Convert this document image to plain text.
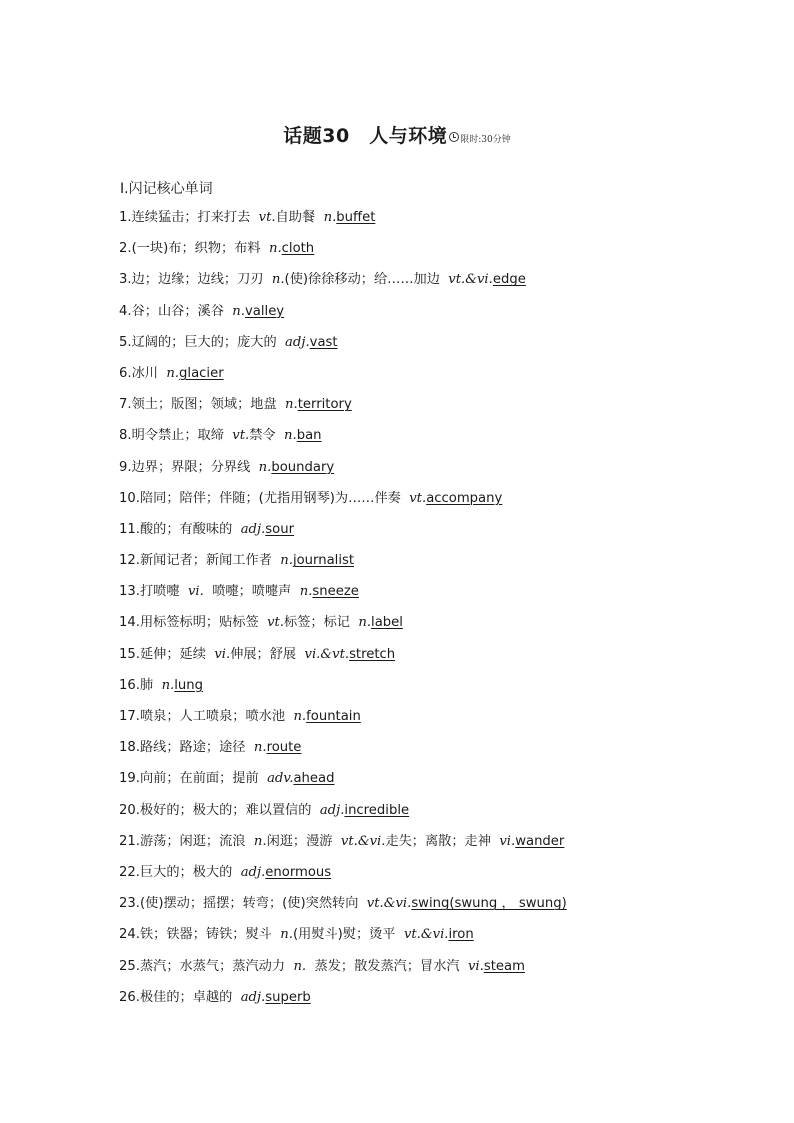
话题30　人与环境 限时:30分钟
Ⅰ.闪记核心单词
1.连续猛击；打来打去  vt.自助餐  n.buffet
2.(一块)布；织物；布料  n.cloth
3.边；边缘；边线；刀刃  n.(使)徐徐移动；给……加边  vt.&vi.edge
4.谷；山谷；溪谷  n.valley
5.辽阔的；巨大的；庞大的  adj.vast
6.冰川  n.glacier
7.领土；版图；领域；地盘  n.territory
8.明令禁止；取缔  vt.禁令  n.ban
9.边界；界限；分界线  n.boundary
10.陪同；陪伴；伴随；(尤指用钢琴)为……伴奏  vt.accompany
11.酸的；有酸味的  adj.sour
12.新闻记者；新闻工作者  n.journalist
13.打喷嚏  vi.  喷嚏；喷嚏声  n.sneeze
14.用标签标明；贴标签  vt.标签；标记  n.label
15.延伸；延续  vi.伸展；舒展  vi.&vt.stretch
16.肺  n.lung
17.喷泉；人工喷泉；喷水池  n.fountain
18.路线；路途；途径  n.route
19.向前；在前面；提前  adv.ahead
20.极好的；极大的；难以置信的  adj.incredible
21.游荡；闲逛；流浪  n.闲逛；漫游  vt.&vi.走失；离散；走神  vi.wander
22.巨大的；极大的  adj.enormous
23.(使)摆动；摇摆；转弯；(使)突然转向  vt.&vi.swing(swung ， swung)
24.铁；铁器；铸铁；熨斗  n.(用熨斗)熨；烫平  vt.&vi.iron
25.蒸汽；水蒸气；蒸汽动力  n.  蒸发；散发蒸汽；冒水汽  vi.steam
26.极佳的；卓越的  adj.superb
